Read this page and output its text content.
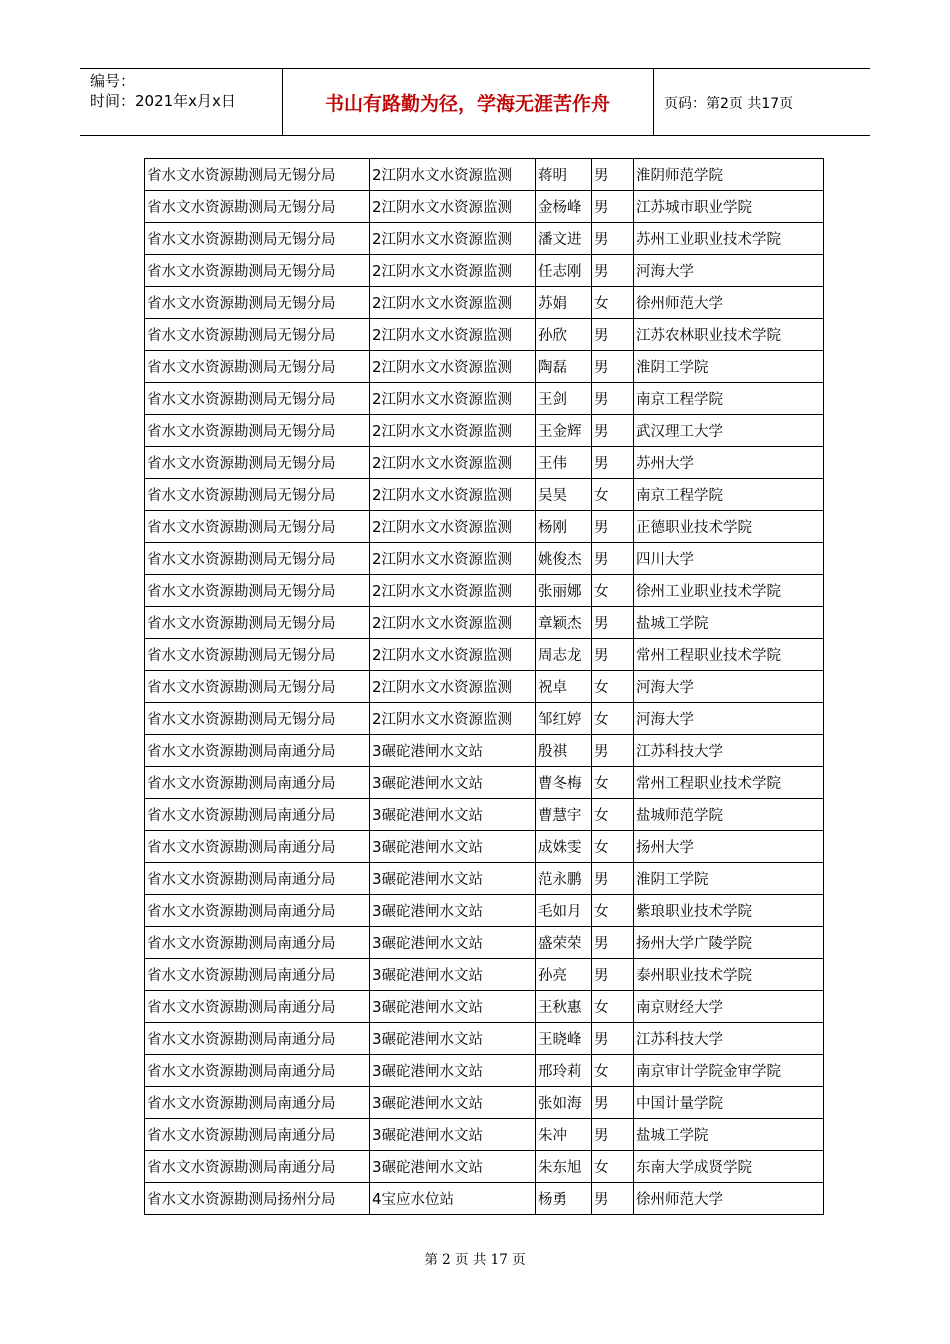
编号：
时间：2021年x月x日	书山有路勤为径，学海无涯苦作舟	页码：第2页 共17页
省水文水资源勘测局无锡分局	2江阴水文水资源监测	蒋明	男	淮阴师范学院
省水文水资源勘测局无锡分局	2江阴水文水资源监测	金杨峰	男	江苏城市职业学院
省水文水资源勘测局无锡分局	2江阴水文水资源监测	潘文进	男	苏州工业职业技术学院
省水文水资源勘测局无锡分局	2江阴水文水资源监测	任志刚	男	河海大学
省水文水资源勘测局无锡分局	2江阴水文水资源监测	苏娟	女	徐州师范大学
省水文水资源勘测局无锡分局	2江阴水文水资源监测	孙欣	男	江苏农林职业技术学院
省水文水资源勘测局无锡分局	2江阴水文水资源监测	陶磊	男	淮阴工学院
省水文水资源勘测局无锡分局	2江阴水文水资源监测	王剑	男	南京工程学院
省水文水资源勘测局无锡分局	2江阴水文水资源监测	王金辉	男	武汉理工大学
省水文水资源勘测局无锡分局	2江阴水文水资源监测	王伟	男	苏州大学
省水文水资源勘测局无锡分局	2江阴水文水资源监测	吴昊	女	南京工程学院
省水文水资源勘测局无锡分局	2江阴水文水资源监测	杨刚	男	正德职业技术学院
省水文水资源勘测局无锡分局	2江阴水文水资源监测	姚俊杰	男	四川大学
省水文水资源勘测局无锡分局	2江阴水文水资源监测	张丽娜	女	徐州工业职业技术学院
省水文水资源勘测局无锡分局	2江阴水文水资源监测	章颖杰	男	盐城工学院
省水文水资源勘测局无锡分局	2江阴水文水资源监测	周志龙	男	常州工程职业技术学院
省水文水资源勘测局无锡分局	2江阴水文水资源监测	祝卓	女	河海大学
省水文水资源勘测局无锡分局	2江阴水文水资源监测	邹红婷	女	河海大学
省水文水资源勘测局南通分局	3碾砣港闸水文站	殷祺	男	江苏科技大学
省水文水资源勘测局南通分局	3碾砣港闸水文站	曹冬梅	女	常州工程职业技术学院
省水文水资源勘测局南通分局	3碾砣港闸水文站	曹慧宇	女	盐城师范学院
省水文水资源勘测局南通分局	3碾砣港闸水文站	成姝雯	女	扬州大学
省水文水资源勘测局南通分局	3碾砣港闸水文站	范永鹏	男	淮阴工学院
省水文水资源勘测局南通分局	3碾砣港闸水文站	毛如月	女	紫琅职业技术学院
省水文水资源勘测局南通分局	3碾砣港闸水文站	盛荣荣	男	扬州大学广陵学院
省水文水资源勘测局南通分局	3碾砣港闸水文站	孙亮	男	泰州职业技术学院
省水文水资源勘测局南通分局	3碾砣港闸水文站	王秋惠	女	南京财经大学
省水文水资源勘测局南通分局	3碾砣港闸水文站	王晓峰	男	江苏科技大学
省水文水资源勘测局南通分局	3碾砣港闸水文站	邢玲莉	女	南京审计学院金审学院
省水文水资源勘测局南通分局	3碾砣港闸水文站	张如海	男	中国计量学院
省水文水资源勘测局南通分局	3碾砣港闸水文站	朱冲	男	盐城工学院
省水文水资源勘测局南通分局	3碾砣港闸水文站	朱东旭	女	东南大学成贤学院
省水文水资源勘测局扬州分局	4宝应水位站	杨勇	男	徐州师范大学
第 2 页 共 17 页
